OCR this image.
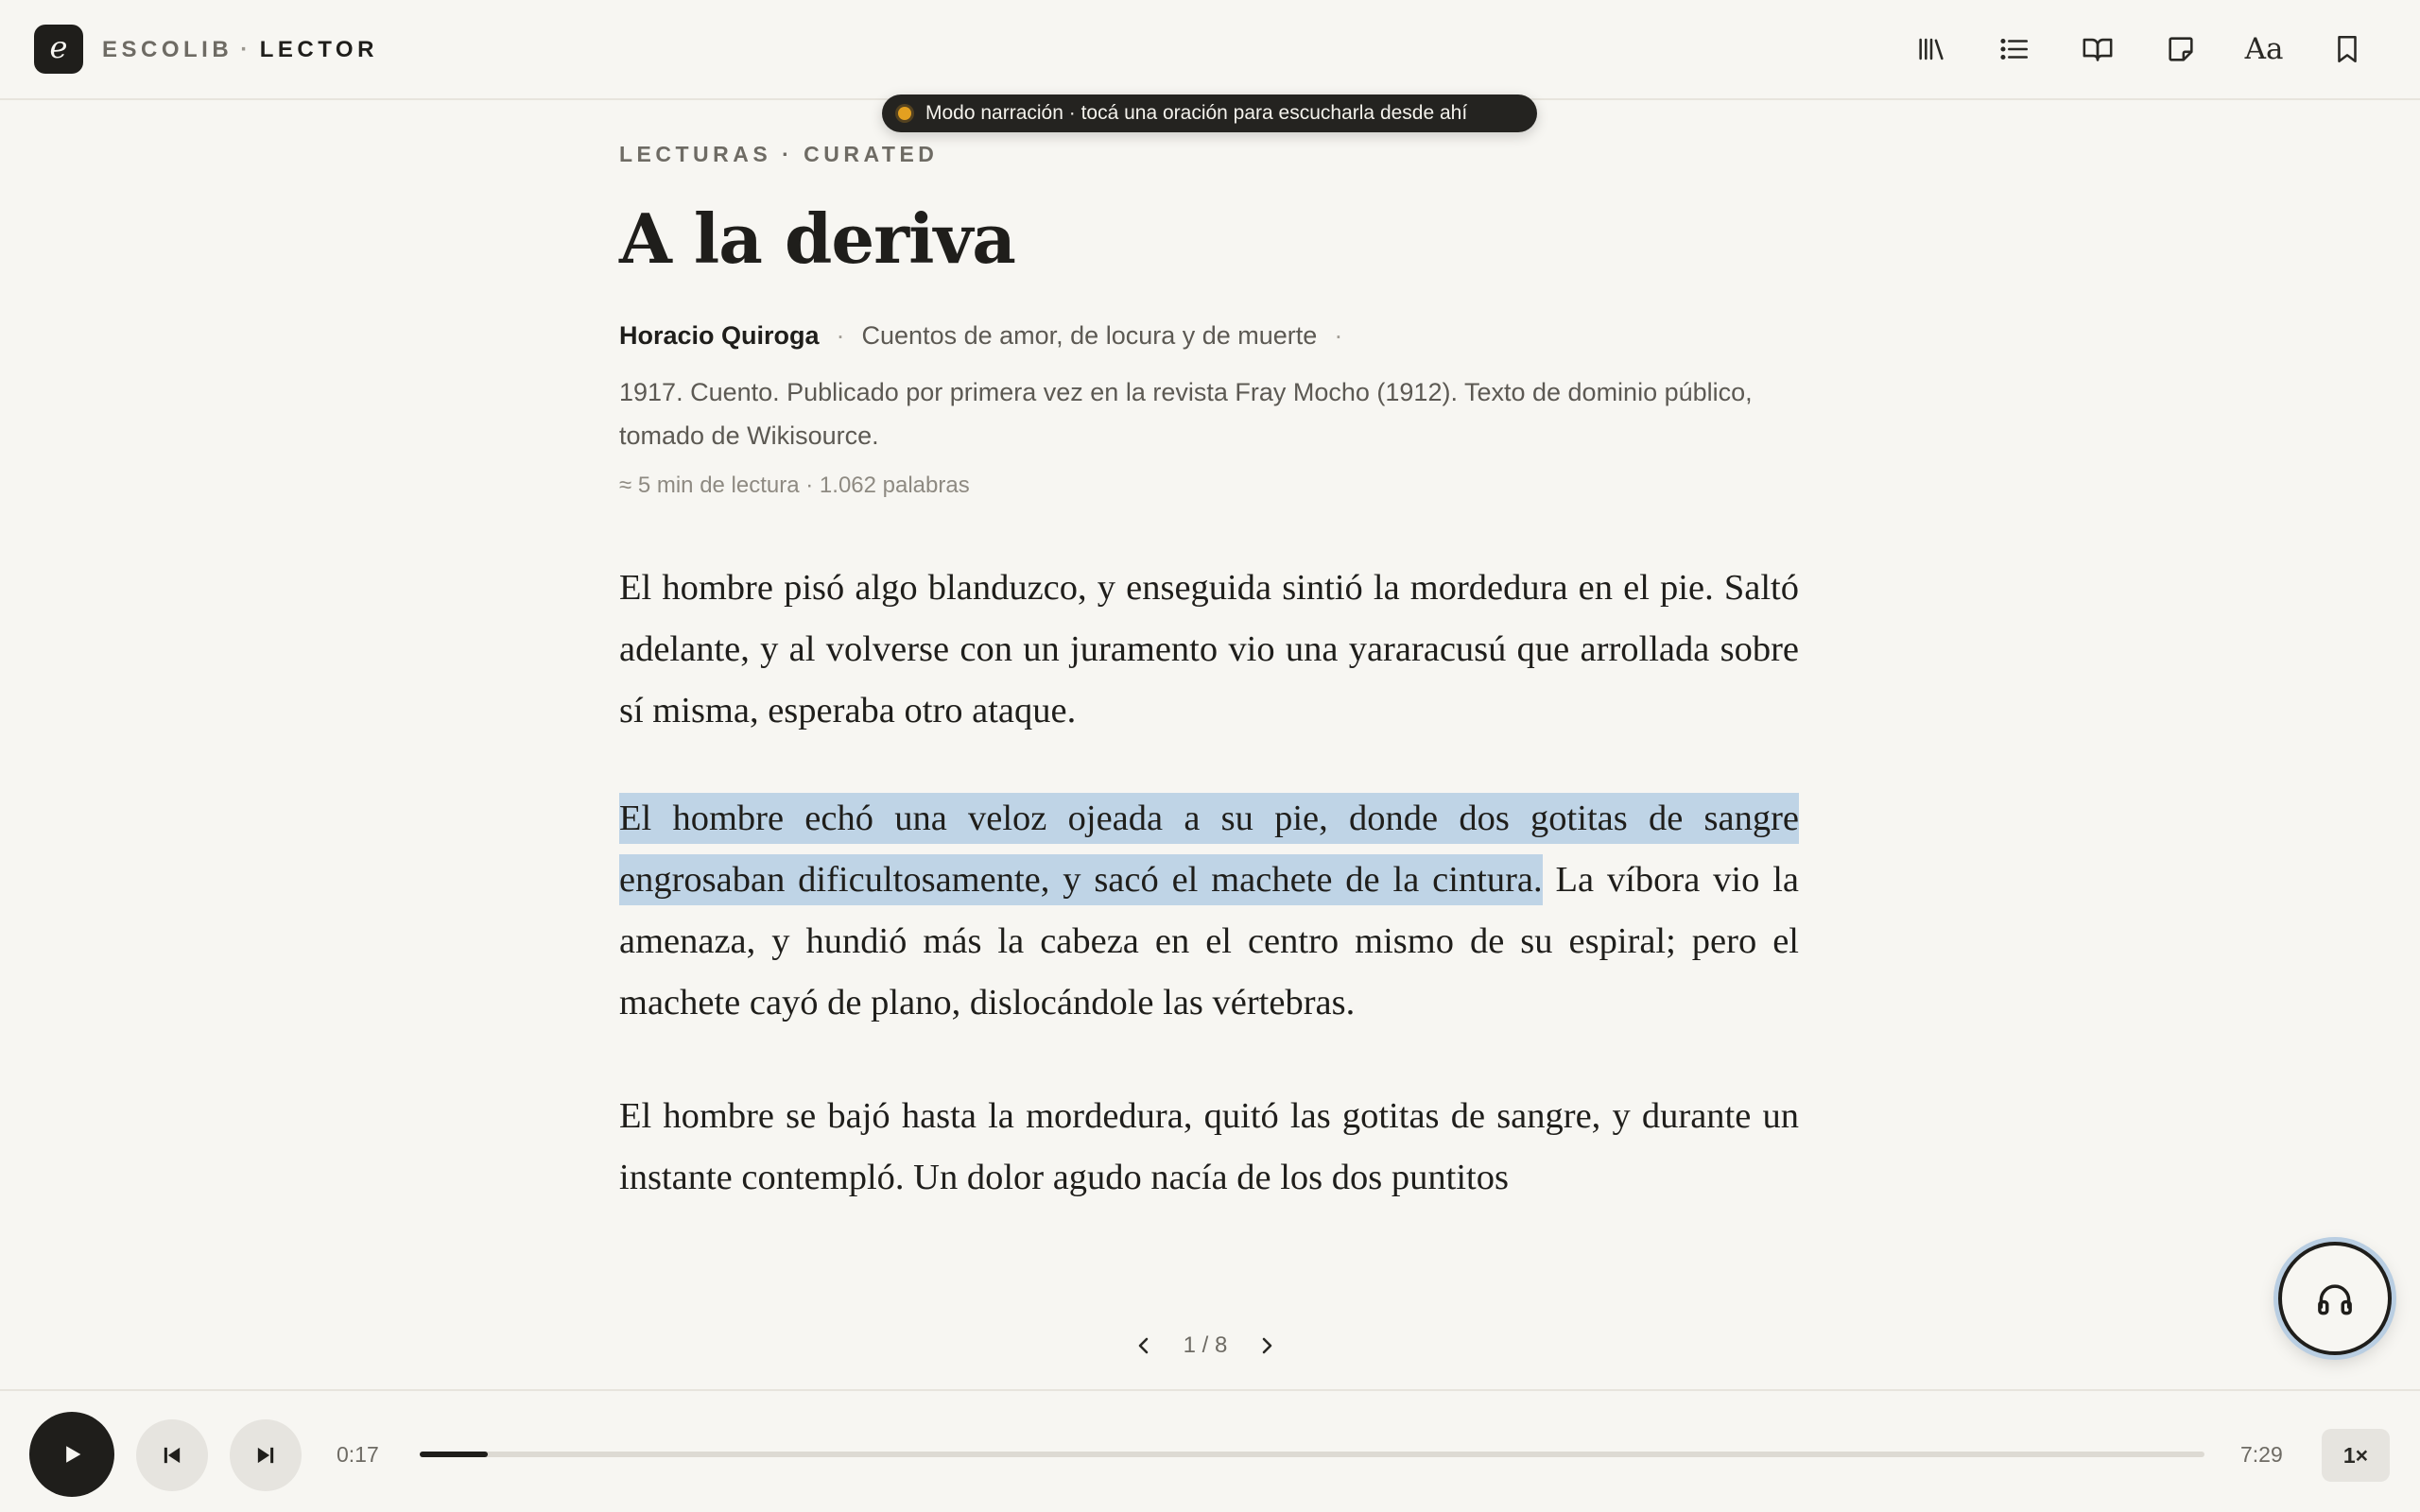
e	ESCOLIB · LECTOR	Aa
Modo narración · tocá una oración para escucharla desde ahí
LECTURAS · CURATED
A la deriva
Horacio Quiroga · Cuentos de amor, de locura y de muerte ·

1917. Cuento. Publicado por primera vez en la revista Fray Mocho (1912). Texto de dominio público, tomado de Wikisource.

≈ 5 min de lectura · 1.062 palabras

El hombre pisó algo blanduzco, y enseguida sintió la mordedura en el pie. Saltó adelante, y al volverse con un juramento vio una yararacusú que arrollada sobre sí misma, esperaba otro ataque.

El hombre echó una veloz ojeada a su pie, donde dos gotitas de sangre engrosaban dificultosamente, y sacó el machete de la cintura. La víbora vio la amenaza, y hundió más la cabeza en el centro mismo de su espiral; pero el machete cayó de plano, dislocándole las vértebras.

El hombre se bajó hasta la mordedura, quitó las gotitas de sangre, y durante un instante contempló. Un dolor agudo nacía de los dos puntitos

1 / 8
0:17	7:29	1×
